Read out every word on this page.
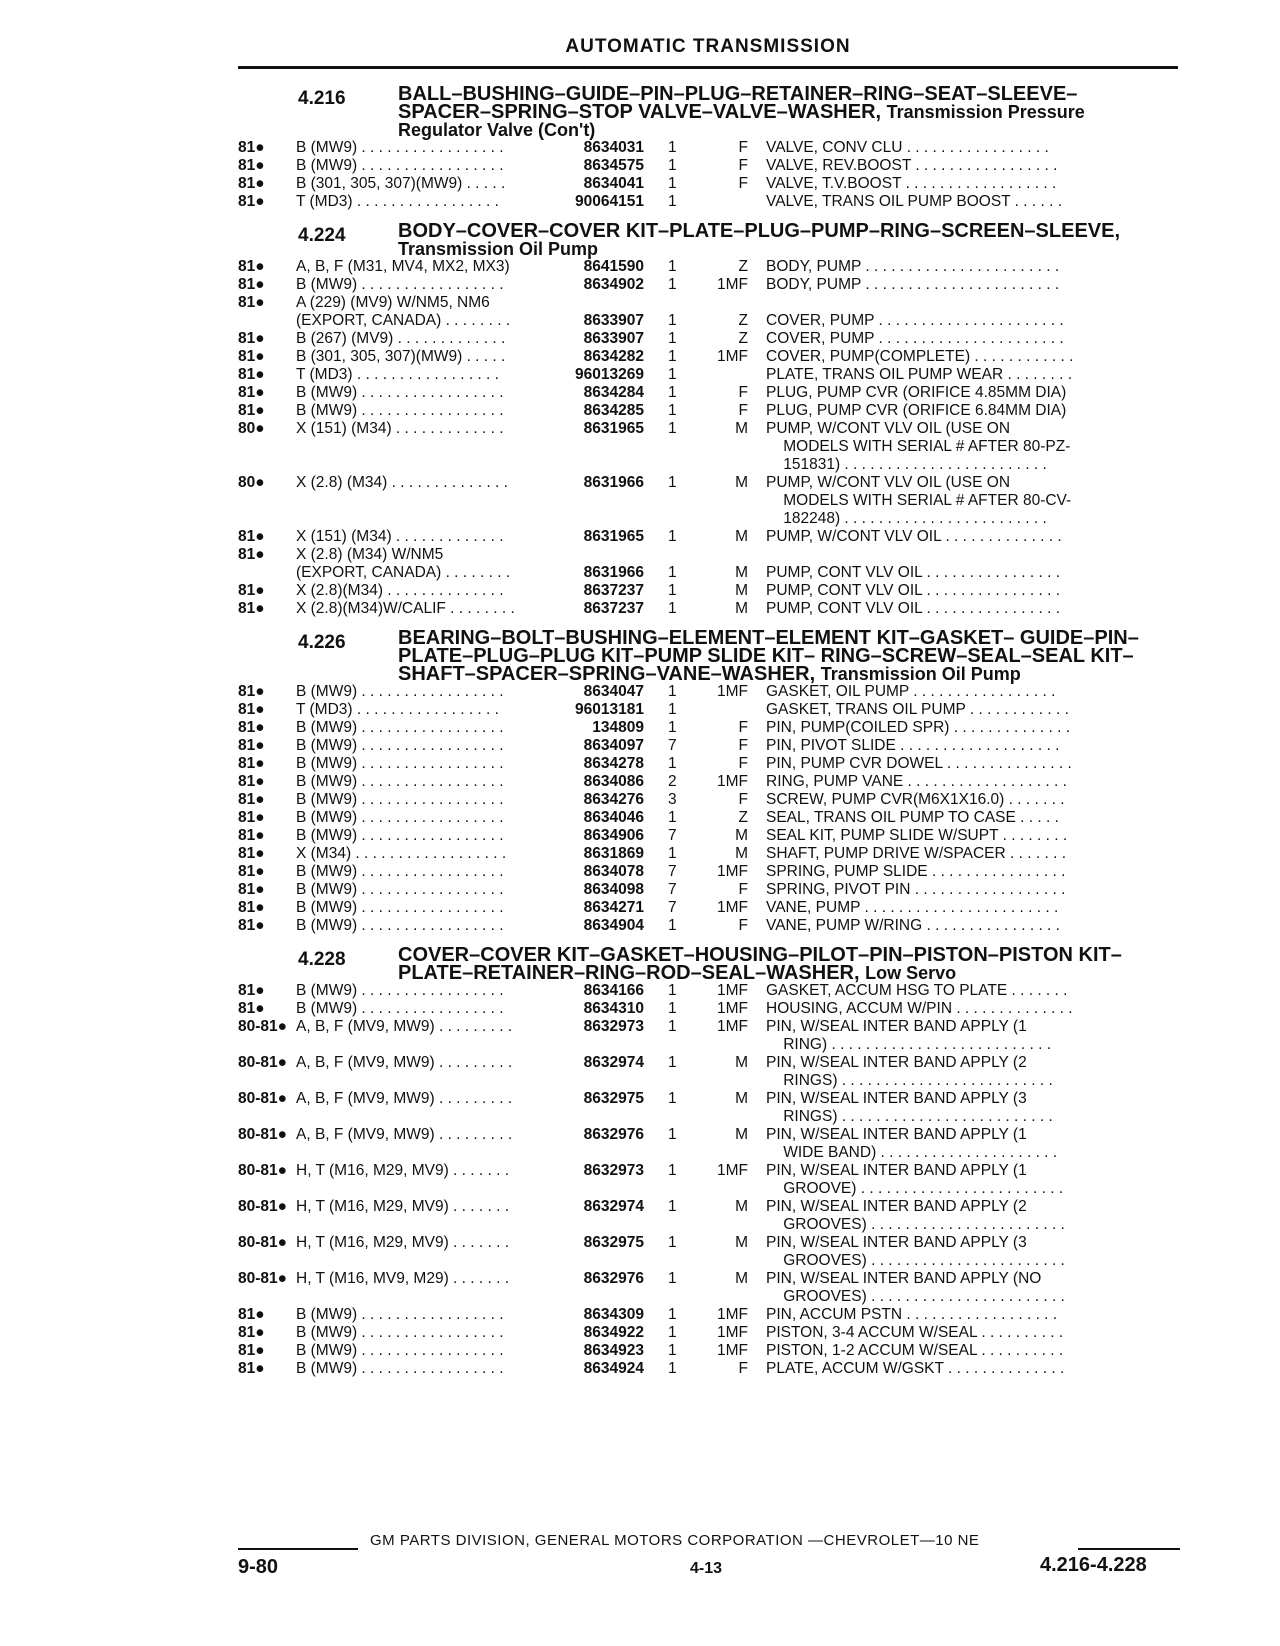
AUTOMATIC TRANSMISSION
4.216	BALL–BUSHING–GUIDE–PIN–PLUG–RETAINER–RING–SEAT–SLEEVE–SPACER–SPRING–STOP VALVE–VALVE–WASHER, Transmission Pressure Regulator Valve (Con't)
81●	B (MW9) . . . . . . . . . . . . . . . . .	8634031	1	F	VALVE, CONV CLU . . . . . . . . . . . . . . . . .
81●	B (MW9) . . . . . . . . . . . . . . . . .	8634575	1	F	VALVE, REV.BOOST . . . . . . . . . . . . . . . . .
81●	B (301, 305, 307)(MW9) . . . . .	8634041	1	F	VALVE, T.V.BOOST . . . . . . . . . . . . . . . . . .
81●	T (MD3) . . . . . . . . . . . . . . . . .	90064151	1	VALVE, TRANS OIL PUMP BOOST . . . . . .
4.224	BODY–COVER–COVER KIT–PLATE–PLUG–PUMP–RING–SCREEN–SLEEVE, Transmission Oil Pump
81●	A, B, F (M31, MV4, MX2, MX3)	8641590	1	Z	BODY, PUMP . . . . . . . . . . . . . . . . . . . . . . .
81●	B (MW9) . . . . . . . . . . . . . . . . .	8634902	1	1MF	BODY, PUMP . . . . . . . . . . . . . . . . . . . . . . .
81●	A (229) (MV9) W/NM5, NM6
(EXPORT, CANADA) . . . . . . . .	8633907	1	Z	COVER, PUMP . . . . . . . . . . . . . . . . . . . . . .
81●	B (267) (MV9) . . . . . . . . . . . . .	8633907	1	Z	COVER, PUMP . . . . . . . . . . . . . . . . . . . . . .
81●	B (301, 305, 307)(MW9) . . . . .	8634282	1	1MF	COVER, PUMP(COMPLETE) . . . . . . . . . . . .
81●	T (MD3) . . . . . . . . . . . . . . . . .	96013269	1	PLATE, TRANS OIL PUMP WEAR . . . . . . . .
81●	B (MW9) . . . . . . . . . . . . . . . . .	8634284	1	F	PLUG, PUMP CVR (ORIFICE 4.85MM DIA)
81●	B (MW9) . . . . . . . . . . . . . . . . .	8634285	1	F	PLUG, PUMP CVR (ORIFICE 6.84MM DIA)
80●	X (151) (M34) . . . . . . . . . . . . .	8631965	1	M	PUMP, W/CONT VLV OIL (USE ON
MODELS WITH SERIAL # AFTER 80-PZ-
151831) . . . . . . . . . . . . . . . . . . . . . . . .
80●	X (2.8) (M34) . . . . . . . . . . . . . .	8631966	1	M	PUMP, W/CONT VLV OIL (USE ON
MODELS WITH SERIAL # AFTER 80-CV-
182248) . . . . . . . . . . . . . . . . . . . . . . . .
81●	X (151) (M34) . . . . . . . . . . . . .	8631965	1	M	PUMP, W/CONT VLV OIL . . . . . . . . . . . . . .
81●	X (2.8) (M34) W/NM5
(EXPORT, CANADA) . . . . . . . .	8631966	1	M	PUMP, CONT VLV OIL . . . . . . . . . . . . . . . .
81●	X (2.8)(M34) . . . . . . . . . . . . . .	8637237	1	M	PUMP, CONT VLV OIL . . . . . . . . . . . . . . . .
81●	X (2.8)(M34)W/CALIF . . . . . . . .	8637237	1	M	PUMP, CONT VLV OIL . . . . . . . . . . . . . . . .
4.226	BEARING–BOLT–BUSHING–ELEMENT–ELEMENT KIT–GASKET– GUIDE–PIN–PLATE–PLUG–PLUG KIT–PUMP SLIDE KIT– RING–SCREW–SEAL–SEAL KIT–SHAFT–SPACER–SPRING–VANE–WASHER, Transmission Oil Pump
81●	B (MW9) . . . . . . . . . . . . . . . . .	8634047	1	1MF	GASKET, OIL PUMP . . . . . . . . . . . . . . . . .
81●	T (MD3) . . . . . . . . . . . . . . . . .	96013181	1	GASKET, TRANS OIL PUMP . . . . . . . . . . . .
81●	B (MW9) . . . . . . . . . . . . . . . . .	134809	1	F	PIN, PUMP(COILED SPR) . . . . . . . . . . . . . .
81●	B (MW9) . . . . . . . . . . . . . . . . .	8634097	7	F	PIN, PIVOT SLIDE . . . . . . . . . . . . . . . . . . .
81●	B (MW9) . . . . . . . . . . . . . . . . .	8634278	1	F	PIN, PUMP CVR DOWEL . . . . . . . . . . . . . . .
81●	B (MW9) . . . . . . . . . . . . . . . . .	8634086	2	1MF	RING, PUMP VANE . . . . . . . . . . . . . . . . . . .
81●	B (MW9) . . . . . . . . . . . . . . . . .	8634276	3	F	SCREW, PUMP CVR(M6X1X16.0) . . . . . . .
81●	B (MW9) . . . . . . . . . . . . . . . . .	8634046	1	Z	SEAL, TRANS OIL PUMP TO CASE . . . . .
81●	B (MW9) . . . . . . . . . . . . . . . . .	8634906	7	M	SEAL KIT, PUMP SLIDE W/SUPT . . . . . . . .
81●	X (M34) . . . . . . . . . . . . . . . . . .	8631869	1	M	SHAFT, PUMP DRIVE W/SPACER . . . . . . .
81●	B (MW9) . . . . . . . . . . . . . . . . .	8634078	7	1MF	SPRING, PUMP SLIDE . . . . . . . . . . . . . . . .
81●	B (MW9) . . . . . . . . . . . . . . . . .	8634098	7	F	SPRING, PIVOT PIN . . . . . . . . . . . . . . . . . .
81●	B (MW9) . . . . . . . . . . . . . . . . .	8634271	7	1MF	VANE, PUMP . . . . . . . . . . . . . . . . . . . . . . .
81●	B (MW9) . . . . . . . . . . . . . . . . .	8634904	1	F	VANE, PUMP W/RING . . . . . . . . . . . . . . . .
4.228	COVER–COVER KIT–GASKET–HOUSING–PILOT–PIN–PISTON–PISTON KIT–PLATE–RETAINER–RING–ROD–SEAL–WASHER, Low Servo
81●	B (MW9) . . . . . . . . . . . . . . . . .	8634166	1	1MF	GASKET, ACCUM HSG TO PLATE . . . . . . .
81●	B (MW9) . . . . . . . . . . . . . . . . .	8634310	1	1MF	HOUSING, ACCUM W/PIN . . . . . . . . . . . . . .
80-81● A, B, F (MV9, MW9) . . . . . . . . .	8632973	1	1MF	PIN, W/SEAL INTER BAND APPLY (1
RING) . . . . . . . . . . . . . . . . . . . . . . . . . .
80-81● A, B, F (MV9, MW9) . . . . . . . . .	8632974	1	M	PIN, W/SEAL INTER BAND APPLY (2
RINGS) . . . . . . . . . . . . . . . . . . . . . . . . .
80-81● A, B, F (MV9, MW9) . . . . . . . . .	8632975	1	M	PIN, W/SEAL INTER BAND APPLY (3
RINGS) . . . . . . . . . . . . . . . . . . . . . . . . .
80-81● A, B, F (MV9, MW9) . . . . . . . . .	8632976	1	M	PIN, W/SEAL INTER BAND APPLY (1
WIDE BAND) . . . . . . . . . . . . . . . . . . . . .
80-81● H, T (M16, M29, MV9) . . . . . . .	8632973	1	1MF	PIN, W/SEAL INTER BAND APPLY (1
GROOVE) . . . . . . . . . . . . . . . . . . . . . . . .
80-81● H, T (M16, M29, MV9) . . . . . . .	8632974	1	M	PIN, W/SEAL INTER BAND APPLY (2
GROOVES) . . . . . . . . . . . . . . . . . . . . . . .
80-81● H, T (M16, M29, MV9) . . . . . . .	8632975	1	M	PIN, W/SEAL INTER BAND APPLY (3
GROOVES) . . . . . . . . . . . . . . . . . . . . . . .
80-81● H, T (M16, MV9, M29) . . . . . . .	8632976	1	M	PIN, W/SEAL INTER BAND APPLY (NO
GROOVES) . . . . . . . . . . . . . . . . . . . . . . .
81●	B (MW9) . . . . . . . . . . . . . . . . .	8634309	1	1MF	PIN, ACCUM PSTN . . . . . . . . . . . . . . . . . .
81●	B (MW9) . . . . . . . . . . . . . . . . .	8634922	1	1MF	PISTON, 3-4 ACCUM W/SEAL . . . . . . . . . .
81●	B (MW9) . . . . . . . . . . . . . . . . .	8634923	1	1MF	PISTON, 1-2 ACCUM W/SEAL . . . . . . . . . .
81●	B (MW9) . . . . . . . . . . . . . . . . .	8634924	1	F	PLATE, ACCUM W/GSKT . . . . . . . . . . . . . .
GM PARTS DIVISION, GENERAL MOTORS CORPORATION —CHEVROLET—10 NE
9-80	4-13	4.216-4.228
